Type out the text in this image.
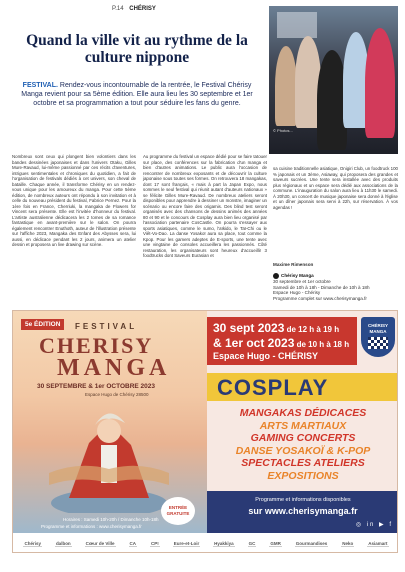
P.14 CHÉRISY
Quand la ville vit au rythme de la culture nippone
FESTIVAL. Rendez-vous incontournable de la rentrée, le Festival Chérisy Manga revient pour sa 5ème édition. Elle aura lieu les 30 septembre et 1er octobre et sa programmation a tout pour séduire les fans du genre.
© Photos...

Nombreux sont ceux qui plongent bien volontiers dans les bandes dessinées japonaises et dans l'univers Otaku, Gilles Mure-Ravaud, lui-même passionné par ces récits d'aventures, intrigues sentimentales et chroniques du quotidien, a fait de l'organisation de festivals dédiés à cet univers, son cheval de bataille. Chaque année, il transforme Chérisy en un rendez-vous unique pour les amoureux du manga. Pour cette 5ème édition, de nombreux auteurs ont répondu à son invitation et à celle du nouveau président du festival, Fabrice Pernez. Pour la 1ère fois en France, Cherriuki, la mangaka de Flowers for Vincent sera présente. Elle est l'invitée d'honneur du festival. L'artiste australienne dédicacera les 2 tomes de sa romance fantastique en avant-première sur le salon. On pourra également rencontrer Enuthoth, auteur de l'illustration présente sur l'affiche 2023, Mangaka des Enfant des Abysses sera, lui aussi, en dédicace pendant les 2 jours, animera un atelier dessin et proposera un live drawing sur scène.

Au programme du festival un espace dédié pour se faire tatouer sur place, des conférences sur la fabrication d'un manga et bien d'autres animations. Le public aura l'occasion de rencontrer de nombreux exposants et de découvrir la culture japonaise sous toutes ses formes. On retrouvera 18 mangakas, dont 17 sont français, « mais à part la Japan Expo, nous sommes le seul festival qui réunit autant d'auteurs nationaux » se félicite Gilles Mure-Ravaud. De nombreux ateliers seront disponibles pour apprendre à dessiner un monstre, imaginer un scénario ou encore faire des origamis. Des blind test seront organisés avec des chansons de dessins animés des années 80 et 90 et le concours de Cosplay aura bien lieu organisé par l'association partenaire CosCastle. On pourra s'essayer aux sports asiatiques, comme le sumo, l'aïkido, le Taï-Chi ou le Viêt-Vo-Dao. La danse Yosakoï aura sa place, tout comme la Kpop. Pour les gamers adeptes de E-sports, une tente avec une vingtaine de consoles accueillera les passionnés. Côté restauration, les organisateurs sont heureux d'accueillir 3 foodtrucks dont Saveurs Eurasian et

sa cuisine traditionnelle asiatique, Onigiri Club, un foodtruck 100 % japonais et un 3ème, Asiaway, qui proposera des grandes et saveurs sucrées. Une tente sera installée avec des produits plus régionaux et un espace sera dédié aux associations de la commune. L'inauguration du salon aura lieu à 11h30 le samedi. À 20h30, un concert de musique japonaise sera donné à l'église et un dîner japonais sera servi à 22h, sur réservation. À vos agendas !

Maxime Rimenson
Chérisy Manga
30 septembre et 1er octobre
Samedi de 10h à 18h - Dimanche de 10h à 18h
Espace Hugo - Chérisy
Programme complet sur www.cherisymanga.fr
5e ÉDITION	FESTIVAL
CHERISY
MANGA
30 SEPTEMBRE & 1er OCTOBRE 2023
Espace Hugo de Chérisy 28500
Horaires : Samedi 10h-20h / Dimanche 10h-18h
Programme et informations : www.cherisymanga.fr
ENTRÉE GRATUITE
30 sept 2023 de 12 h à 19 h
& 1er oct 2023 de 10 h à 18 h
Espace Hugo - CHÉRISY
CHÉRISY
MANGA
COSPLAY
MANGAKAS DÉDICACES
ARTS MARTIAUX
GAMING CONCERTS
DANSE YOSAKOÏ & K-POP
SPECTACLES ATELIERS
EXPOSITIONS
Programme et informations disponibles
sur www.cherisymanga.fr
◎ in ▶ f
Chérisy	dalbon	Cœur de Ville	CA	CP!	Eure-et-Loir	Hyakkiya	GC	GMR	Gourmandises	Neko	Asiamart
